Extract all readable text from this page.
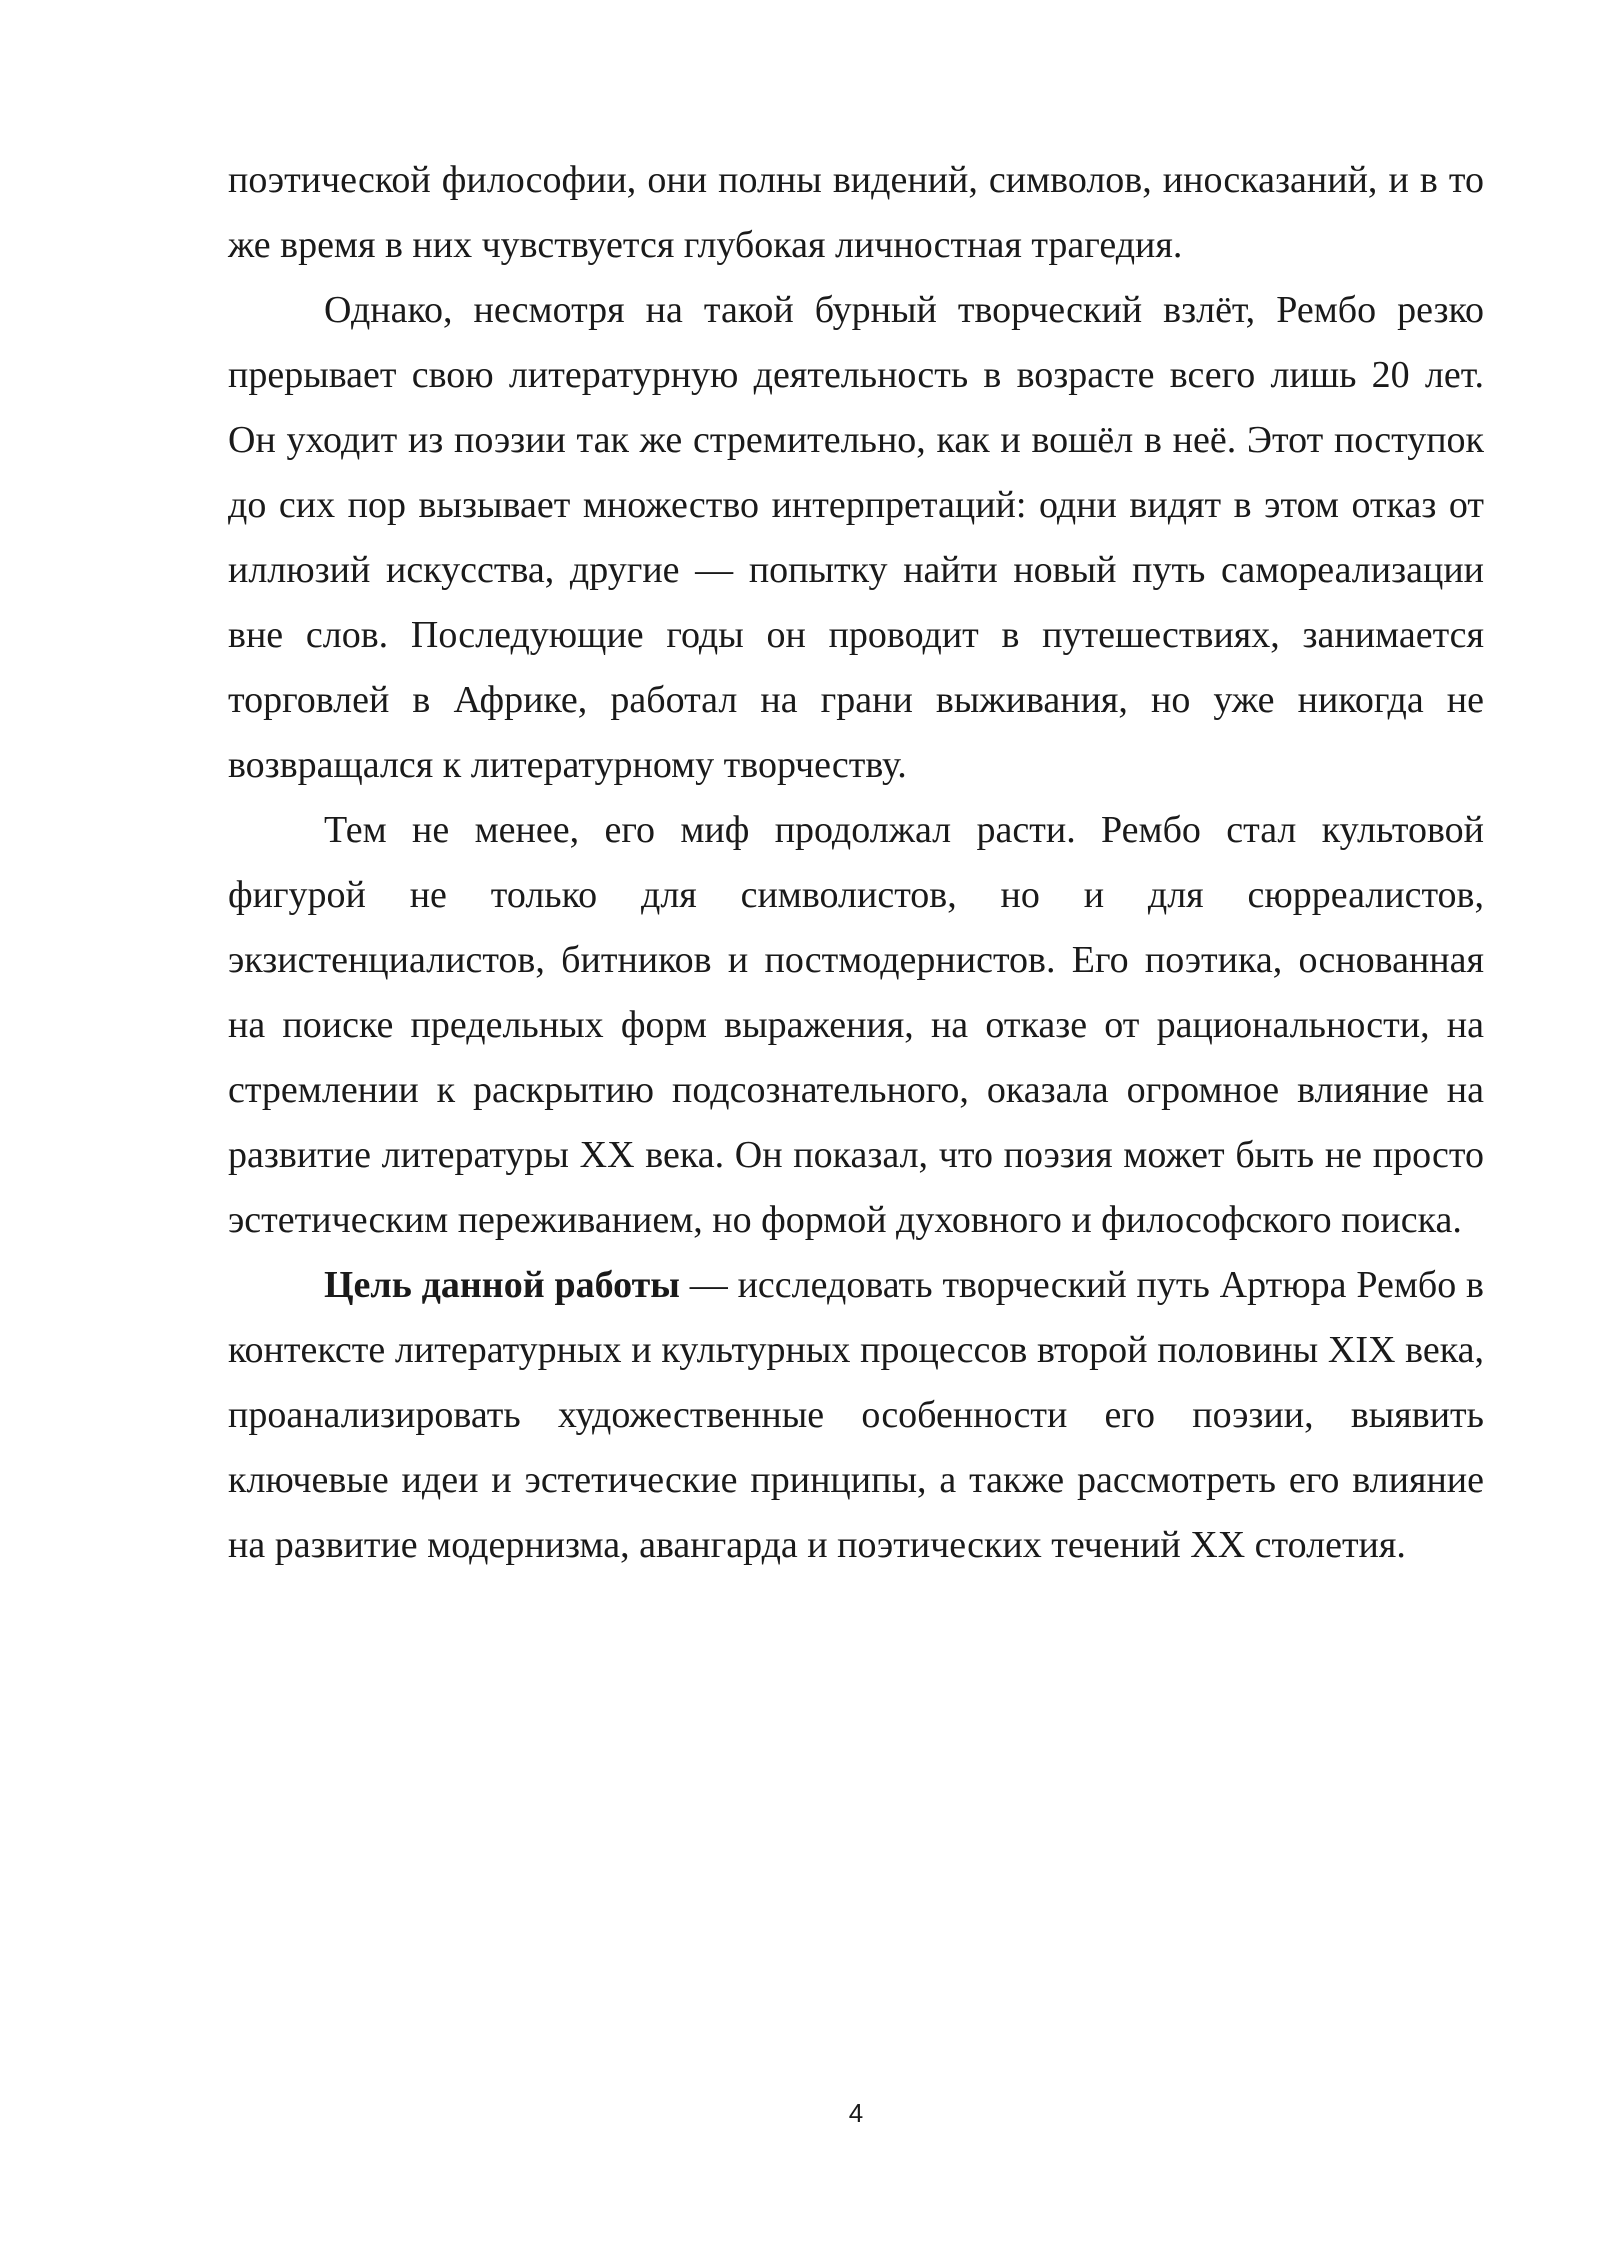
поэтической философии, они полны видений, символов, иносказаний, и в то же время в них чувствуется глубокая личностная трагедия.

Однако, несмотря на такой бурный творческий взлёт, Рембо резко прерывает свою литературную деятельность в возрасте всего лишь 20 лет. Он уходит из поэзии так же стремительно, как и вошёл в неё. Этот поступок до сих пор вызывает множество интерпретаций: одни видят в этом отказ от иллюзий искусства, другие — попытку найти новый путь самореализации вне слов. Последующие годы он проводит в путешествиях, занимается торговлей в Африке, работал на грани выживания, но уже никогда не возвращался к литературному творчеству.

Тем не менее, его миф продолжал расти. Рембо стал культовой фигурой не только для символистов, но и для сюрреалистов, экзистенциалистов, битников и постмодернистов. Его поэтика, основанная на поиске предельных форм выражения, на отказе от рациональности, на стремлении к раскрытию подсознательного, оказала огромное влияние на развитие литературы XX века. Он показал, что поэзия может быть не просто эстетическим переживанием, но формой духовного и философского поиска.

Цель данной работы — исследовать творческий путь Артюра Рембо в контексте литературных и культурных процессов второй половины XIX века, проанализировать художественные особенности его поэзии, выявить ключевые идеи и эстетические принципы, а также рассмотреть его влияние на развитие модернизма, авангарда и поэтических течений XX столетия.

4
